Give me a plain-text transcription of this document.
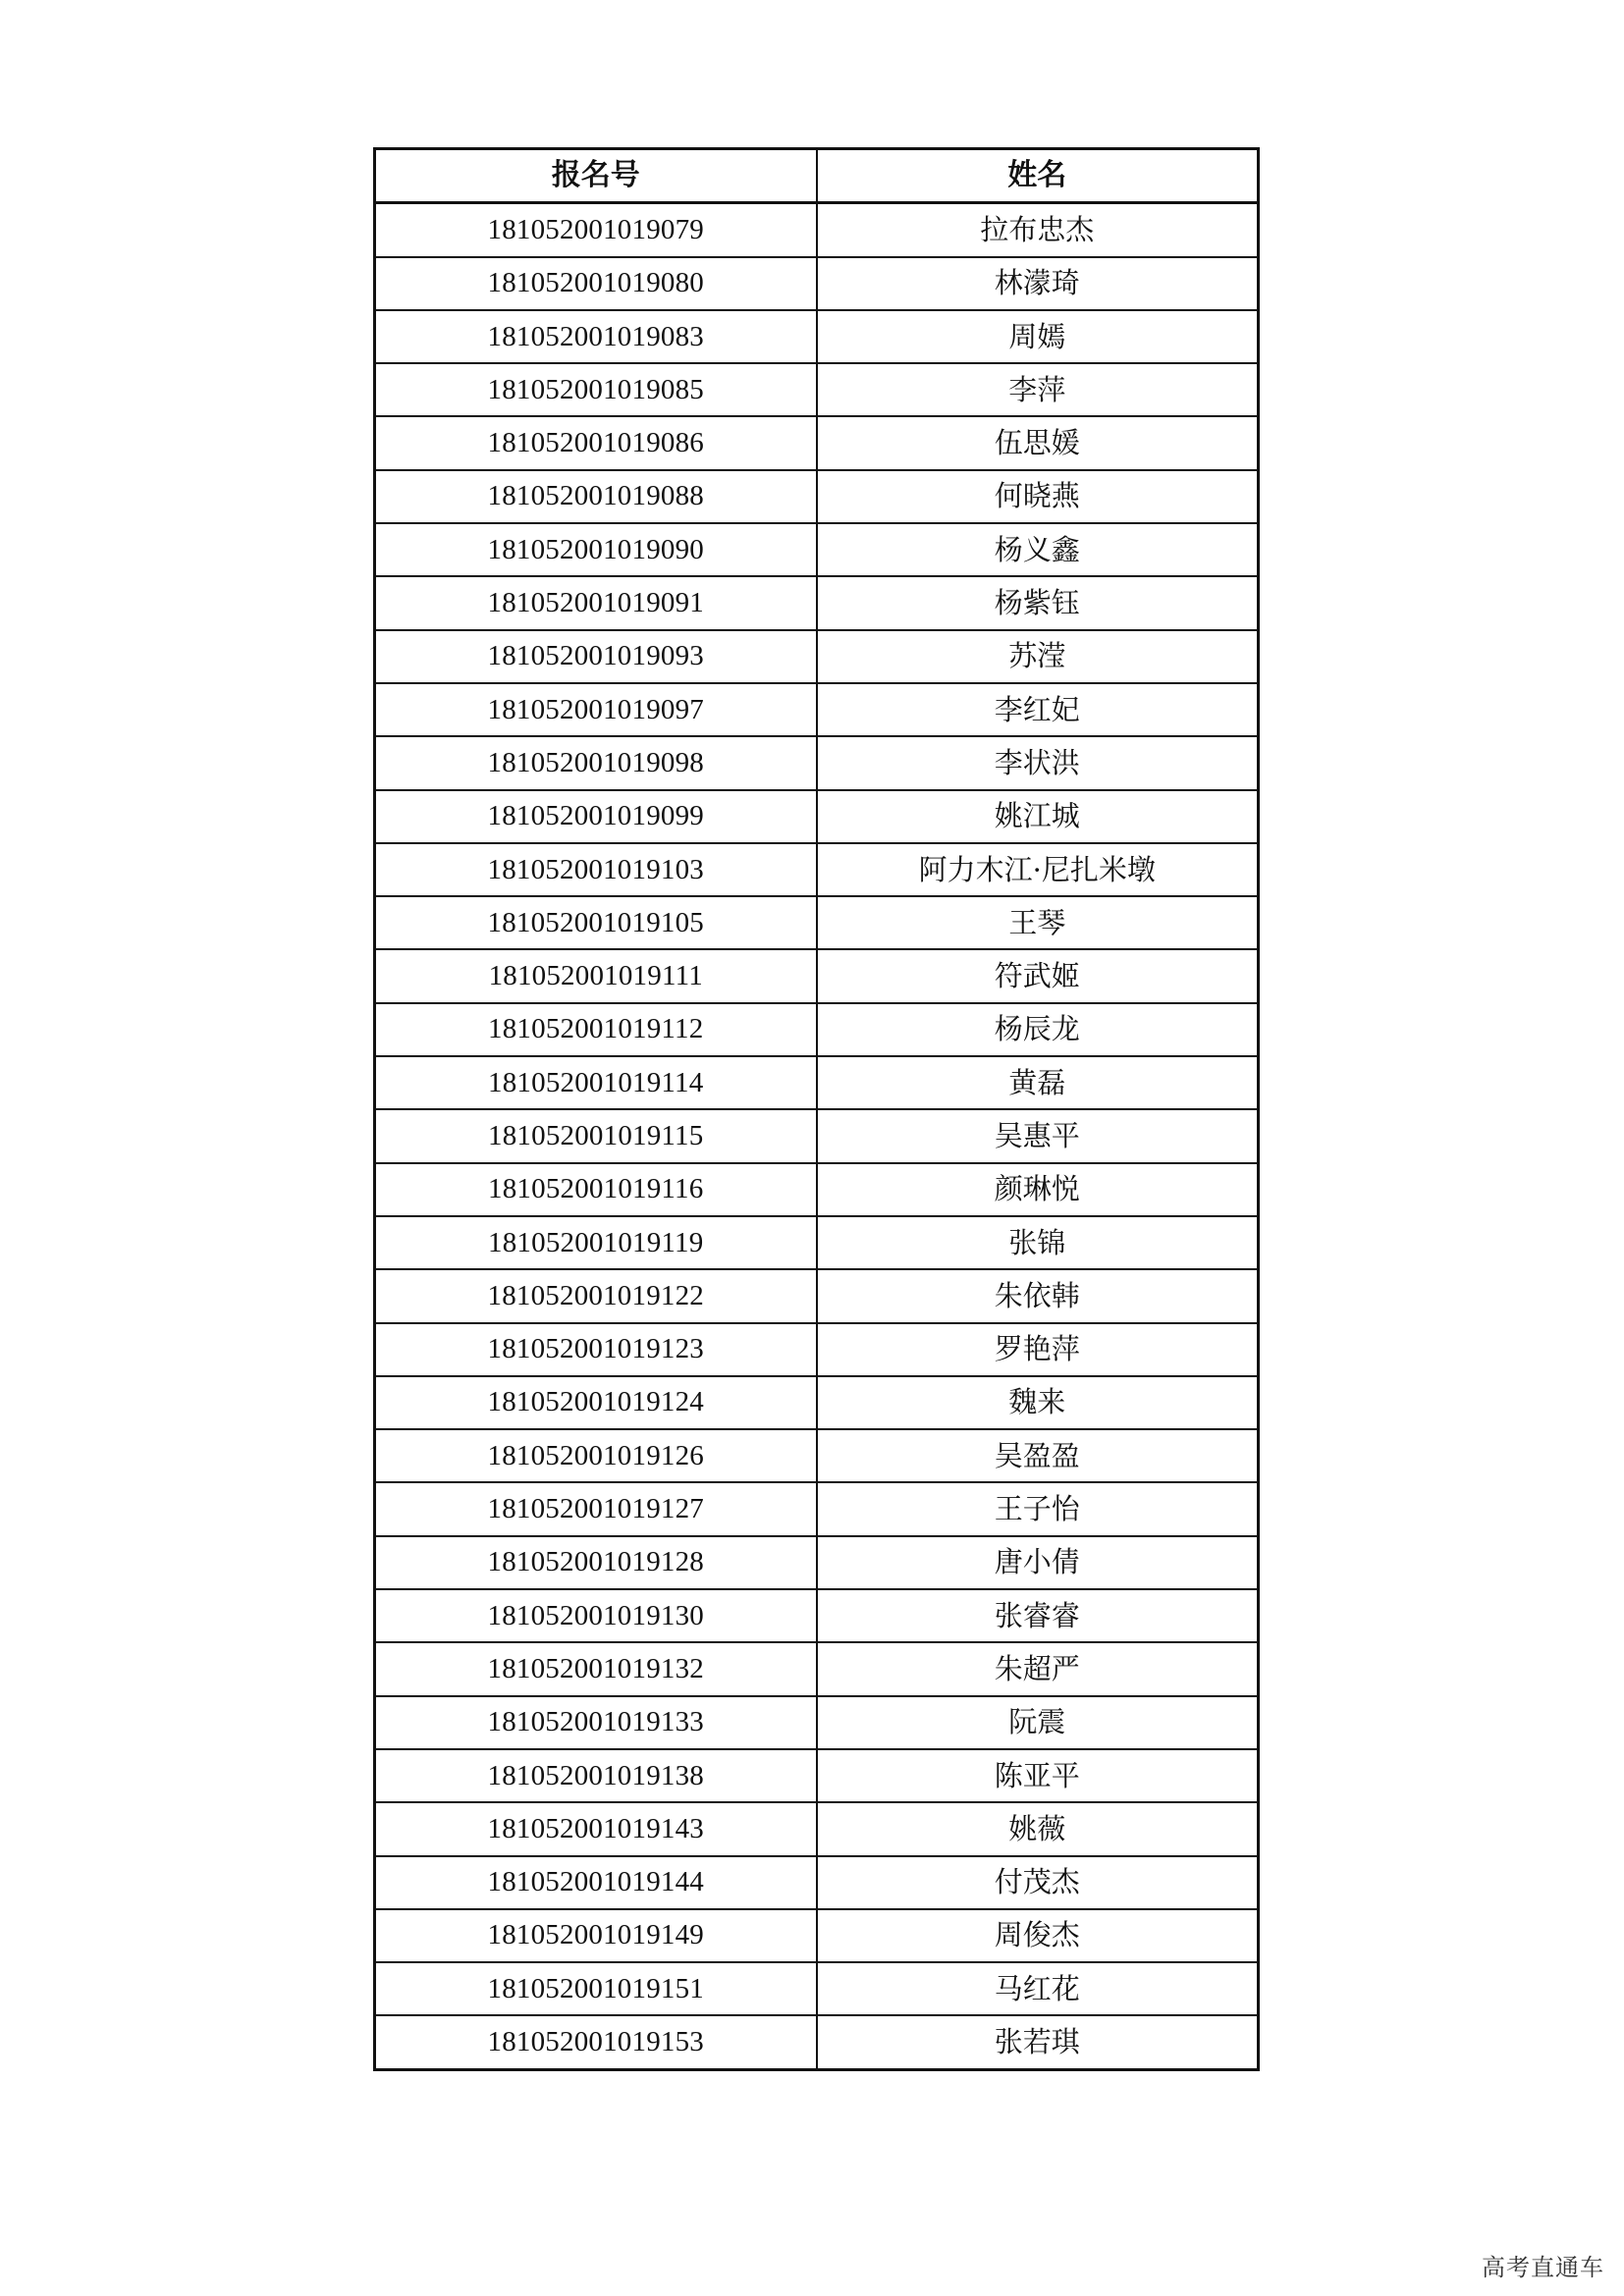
报名号	姓名
181052001019079	拉布忠杰
181052001019080	林濛琦
181052001019083	周嫣
181052001019085	李萍
181052001019086	伍思媛
181052001019088	何晓燕
181052001019090	杨义鑫
181052001019091	杨紫钰
181052001019093	苏滢
181052001019097	李红妃
181052001019098	李状洪
181052001019099	姚江城
181052001019103	阿力木江·尼扎米墩
181052001019105	王琴
181052001019111	符武姬
181052001019112	杨辰龙
181052001019114	黄磊
181052001019115	吴惠平
181052001019116	颜琳悦
181052001019119	张锦
181052001019122	朱依韩
181052001019123	罗艳萍
181052001019124	魏来
181052001019126	吴盈盈
181052001019127	王子怡
181052001019128	唐小倩
181052001019130	张睿睿
181052001019132	朱超严
181052001019133	阮震
181052001019138	陈亚平
181052001019143	姚薇
181052001019144	付茂杰
181052001019149	周俊杰
181052001019151	马红花
181052001019153	张若琪
高考直通车
